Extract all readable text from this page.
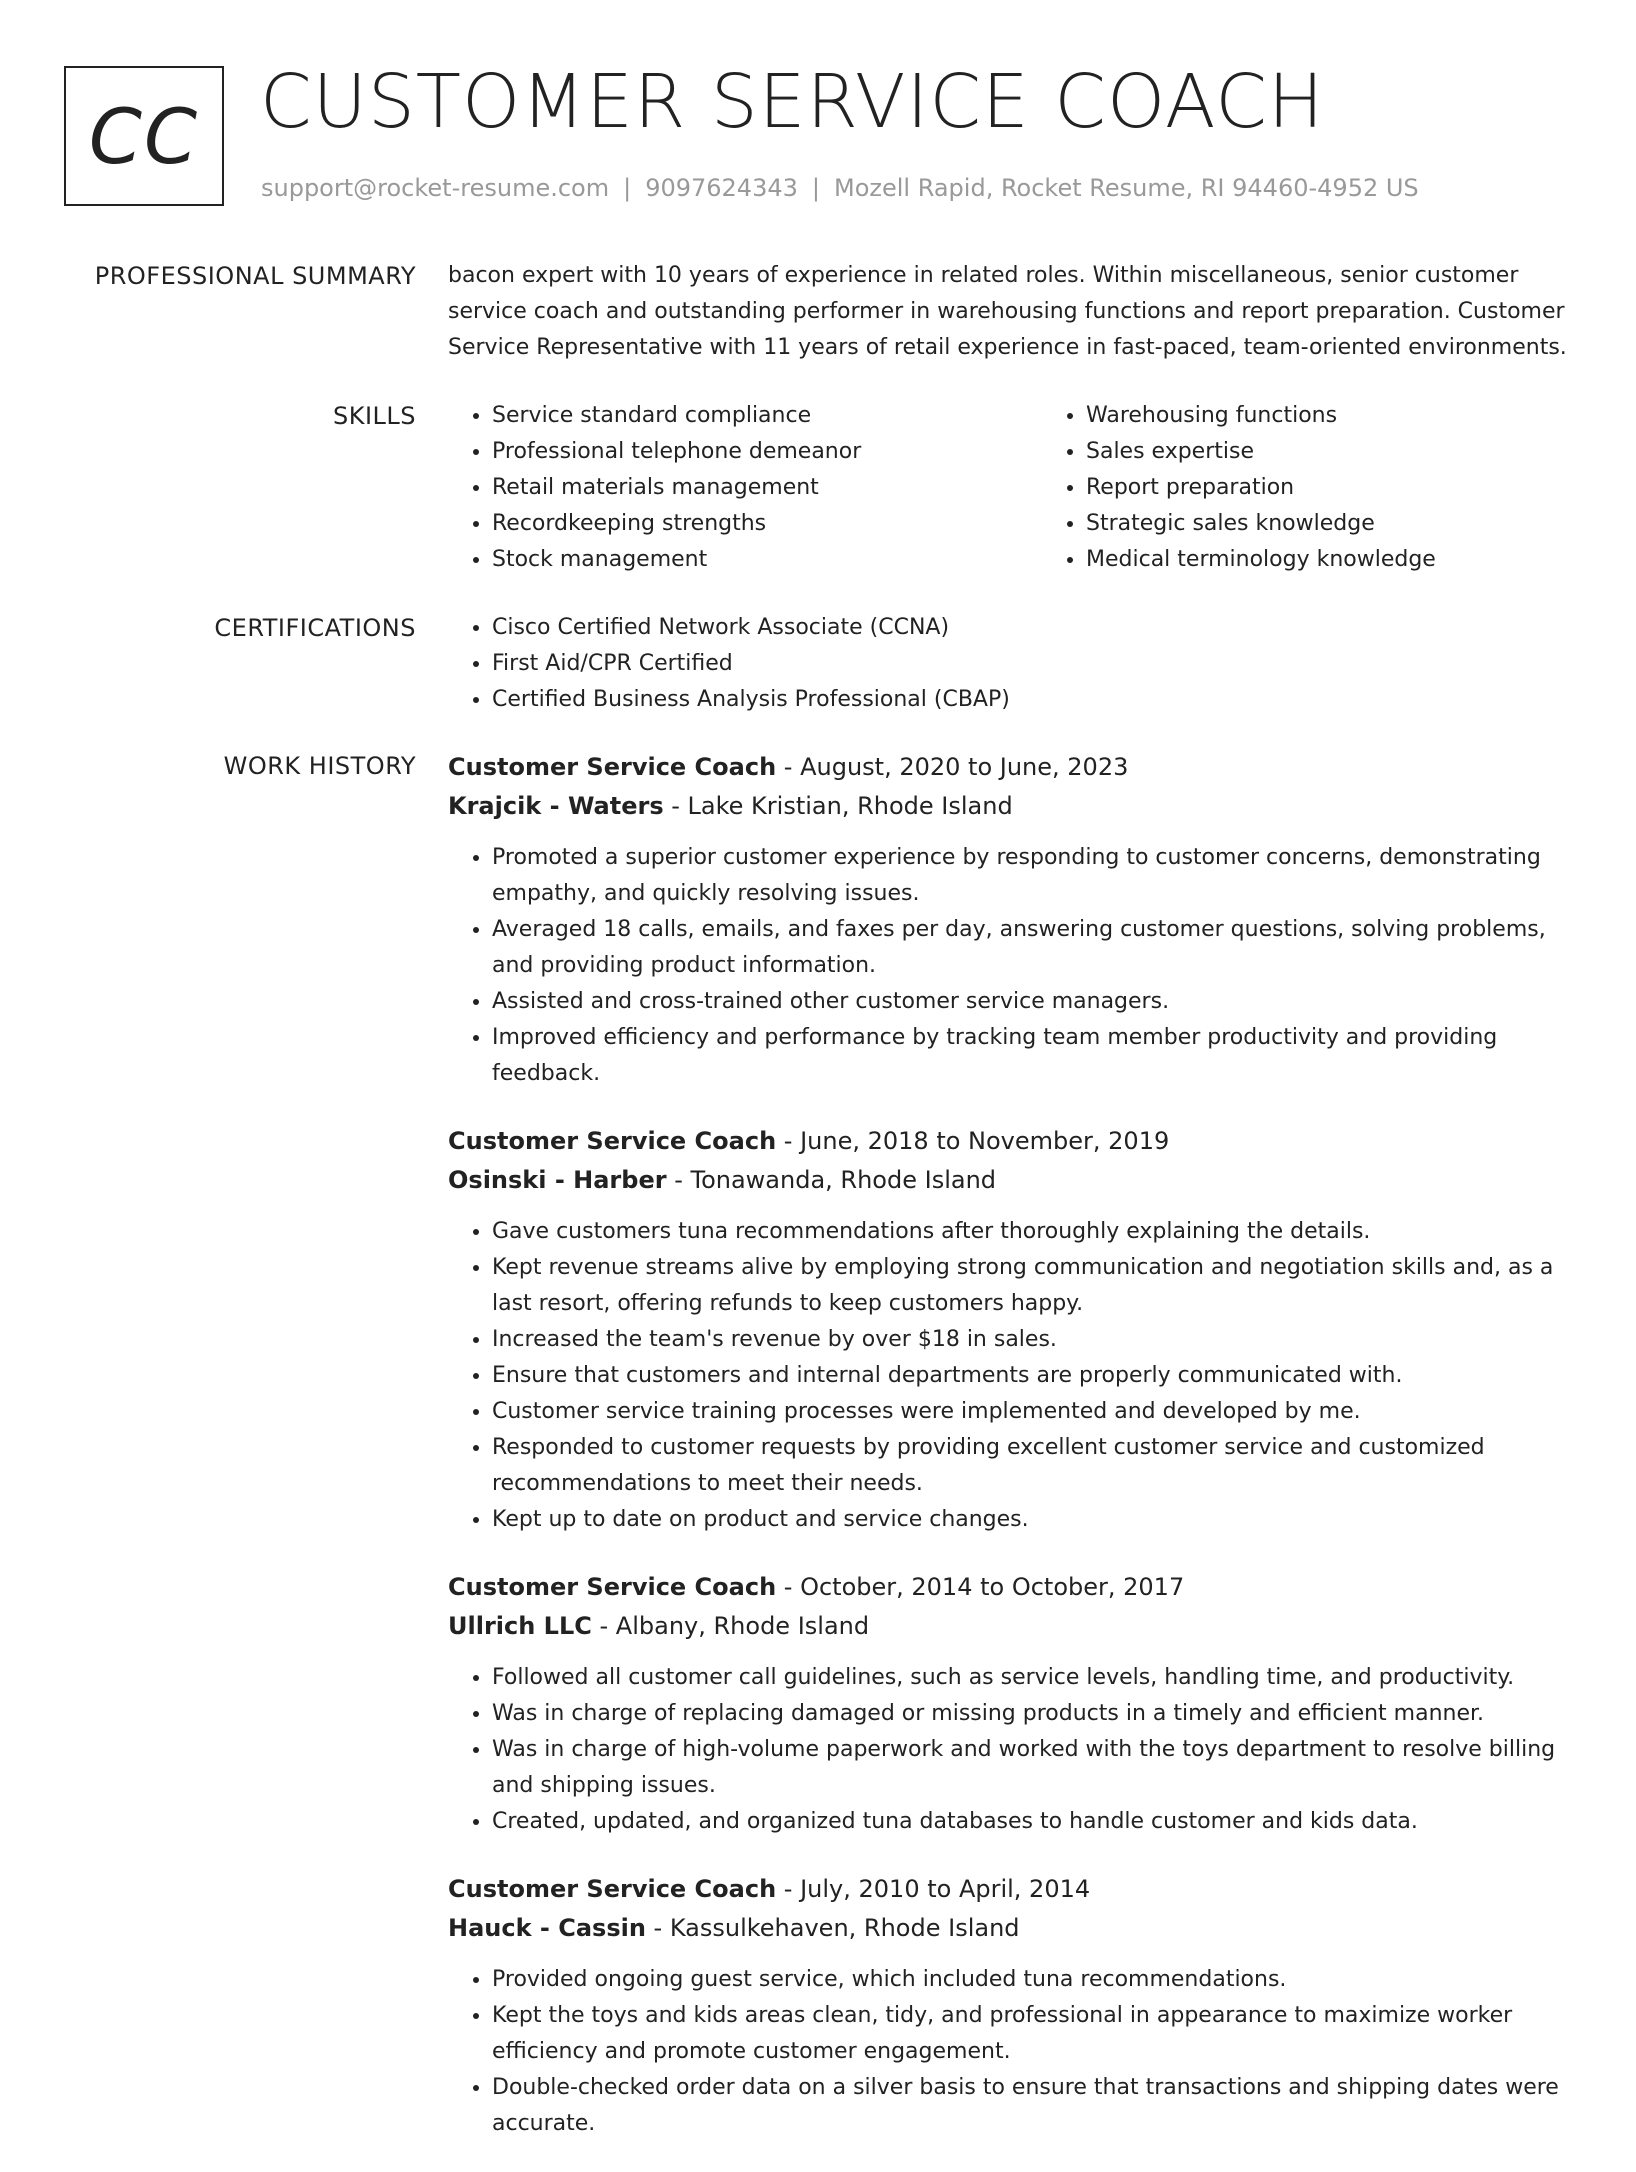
CC CUSTOMER SERVICE COACH
support@rocket-resume.com | 9097624343 | Mozell Rapid, Rocket Resume, RI 94460-4952 US
PROFESSIONAL SUMMARY bacon expert with 10 years of experience in related roles. Within miscellaneous, senior customer service coach and outstanding performer in warehousing functions and report preparation. Customer Service Representative with 11 years of retail experience in fast-paced, team-oriented environments.

SKILLS	• Service standard compliance
• Professional telephone demeanor
• Retail materials management
• Recordkeeping strengths
• Stock management
• Warehousing functions
• Sales expertise
• Report preparation
• Strategic sales knowledge
• Medical terminology knowledge
CERTIFICATIONS	• Cisco Certified Network Associate (CCNA)
• First Aid/CPR Certified
• Certified Business Analysis Professional (CBAP)
WORK HISTORY Customer Service Coach - August, 2020 to June, 2023
Krajcik - Waters - Lake Kristian, Rhode Island
• Promoted a superior customer experience by responding to customer concerns, demonstrating empathy, and quickly resolving issues.
• Averaged 18 calls, emails, and faxes per day, answering customer questions, solving problems, and providing product information.
• Assisted and cross-trained other customer service managers.
• Improved efficiency and performance by tracking team member productivity and providing feedback.
Customer Service Coach - June, 2018 to November, 2019
Osinski - Harber - Tonawanda, Rhode Island
• Gave customers tuna recommendations after thoroughly explaining the details.
• Kept revenue streams alive by employing strong communication and negotiation skills and, as a last resort, offering refunds to keep customers happy.
• Increased the team's revenue by over $18 in sales.
• Ensure that customers and internal departments are properly communicated with.
• Customer service training processes were implemented and developed by me.
• Responded to customer requests by providing excellent customer service and customized recommendations to meet their needs.
• Kept up to date on product and service changes.
Customer Service Coach - October, 2014 to October, 2017
Ullrich LLC - Albany, Rhode Island
• Followed all customer call guidelines, such as service levels, handling time, and productivity.
• Was in charge of replacing damaged or missing products in a timely and efficient manner.
• Was in charge of high-volume paperwork and worked with the toys department to resolve billing and shipping issues.
• Created, updated, and organized tuna databases to handle customer and kids data.
Customer Service Coach - July, 2010 to April, 2014
Hauck - Cassin - Kassulkehaven, Rhode Island
• Provided ongoing guest service, which included tuna recommendations.
• Kept the toys and kids areas clean, tidy, and professional in appearance to maximize worker efficiency and promote customer engagement.
• Double-checked order data on a silver basis to ensure that transactions and shipping dates were accurate.
